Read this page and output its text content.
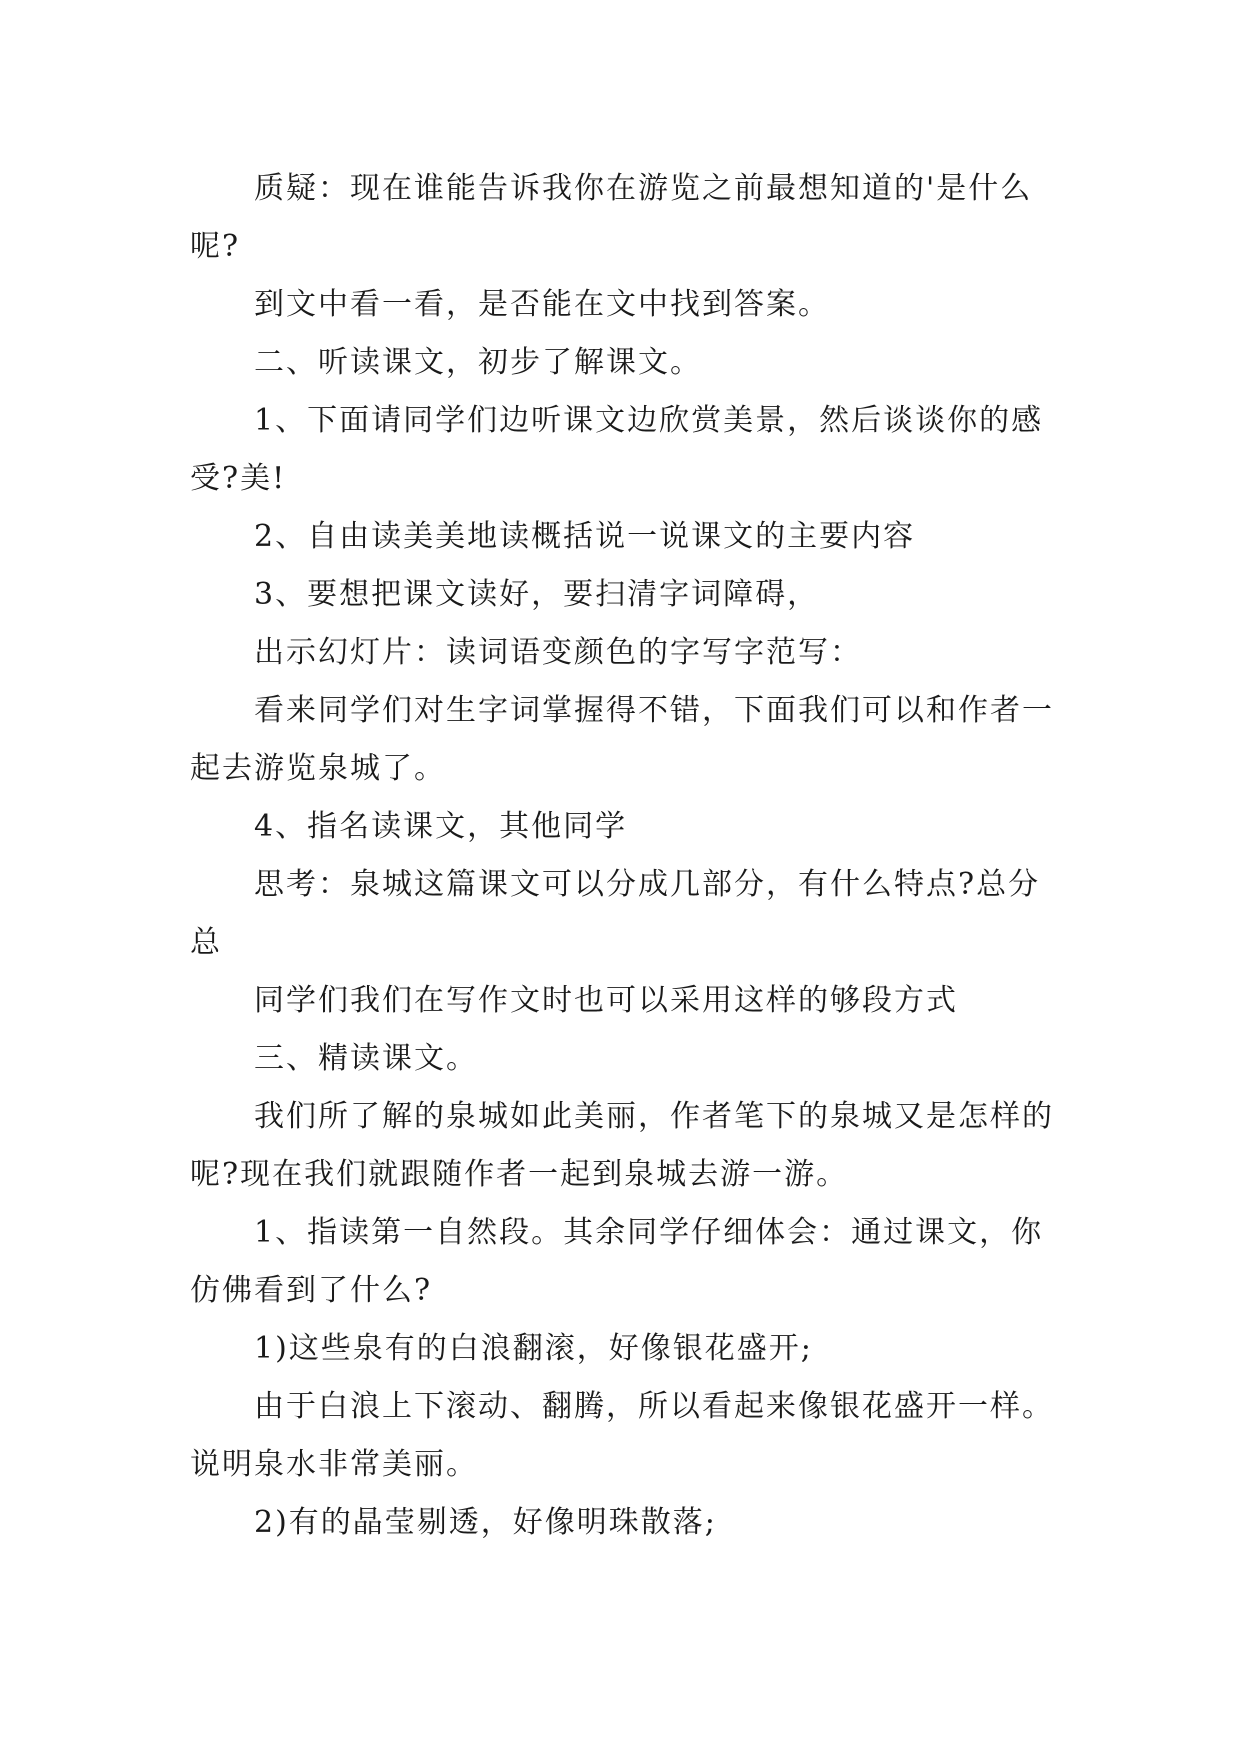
质疑：现在谁能告诉我你在游览之前最想知道的'是什么呢?

到文中看一看，是否能在文中找到答案。

二、听读课文，初步了解课文。

1、下面请同学们边听课文边欣赏美景，然后谈谈你的感受?美!

2、自由读美美地读概括说一说课文的主要内容

3、要想把课文读好，要扫清字词障碍，

出示幻灯片：读词语变颜色的字写字范写：

看来同学们对生字词掌握得不错，下面我们可以和作者一起去游览泉城了。

4、指名读课文，其他同学

思考：泉城这篇课文可以分成几部分，有什么特点?总分总

同学们我们在写作文时也可以采用这样的够段方式

三、精读课文。

我们所了解的泉城如此美丽，作者笔下的泉城又是怎样的呢?现在我们就跟随作者一起到泉城去游一游。

1、指读第一自然段。其余同学仔细体会：通过课文，你仿佛看到了什么?

1)这些泉有的白浪翻滚，好像银花盛开;

由于白浪上下滚动、翻腾，所以看起来像银花盛开一样。说明泉水非常美丽。

2)有的晶莹剔透，好像明珠散落;
